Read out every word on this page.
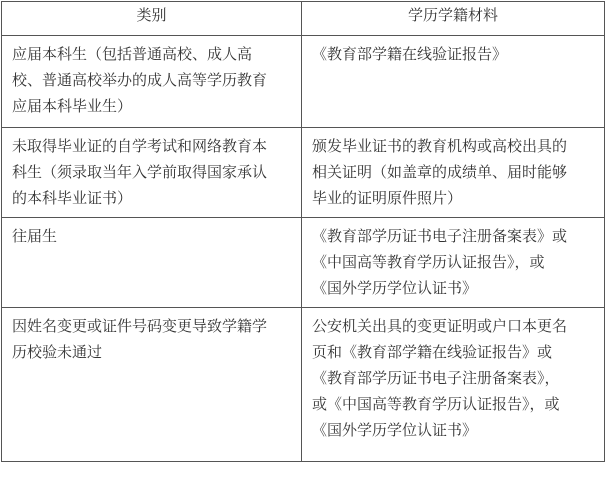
类别	学历学籍材料

应届本科生（包括普通高校、成人高
校、普通高校举办的成人高等学历教育
应届本科毕业生）	《教育部学籍在线验证报告》

未取得毕业证的自学考试和网络教育本
科生（须录取当年入学前取得国家承认
的本科毕业证书）	颁发毕业证书的教育机构或高校出具的
相关证明（如盖章的成绩单、届时能够
毕业的证明原件照片）

往届生	《教育部学历证书电子注册备案表》或
《中国高等教育学历认证报告》，或
《国外学历学位认证书》

因姓名变更或证件号码变更导致学籍学
历校验未通过	公安机关出具的变更证明或户口本更名
页和《教育部学籍在线验证报告》或
《教育部学历证书电子注册备案表》，
或《中国高等教育学历认证报告》，或
《国外学历学位认证书》
